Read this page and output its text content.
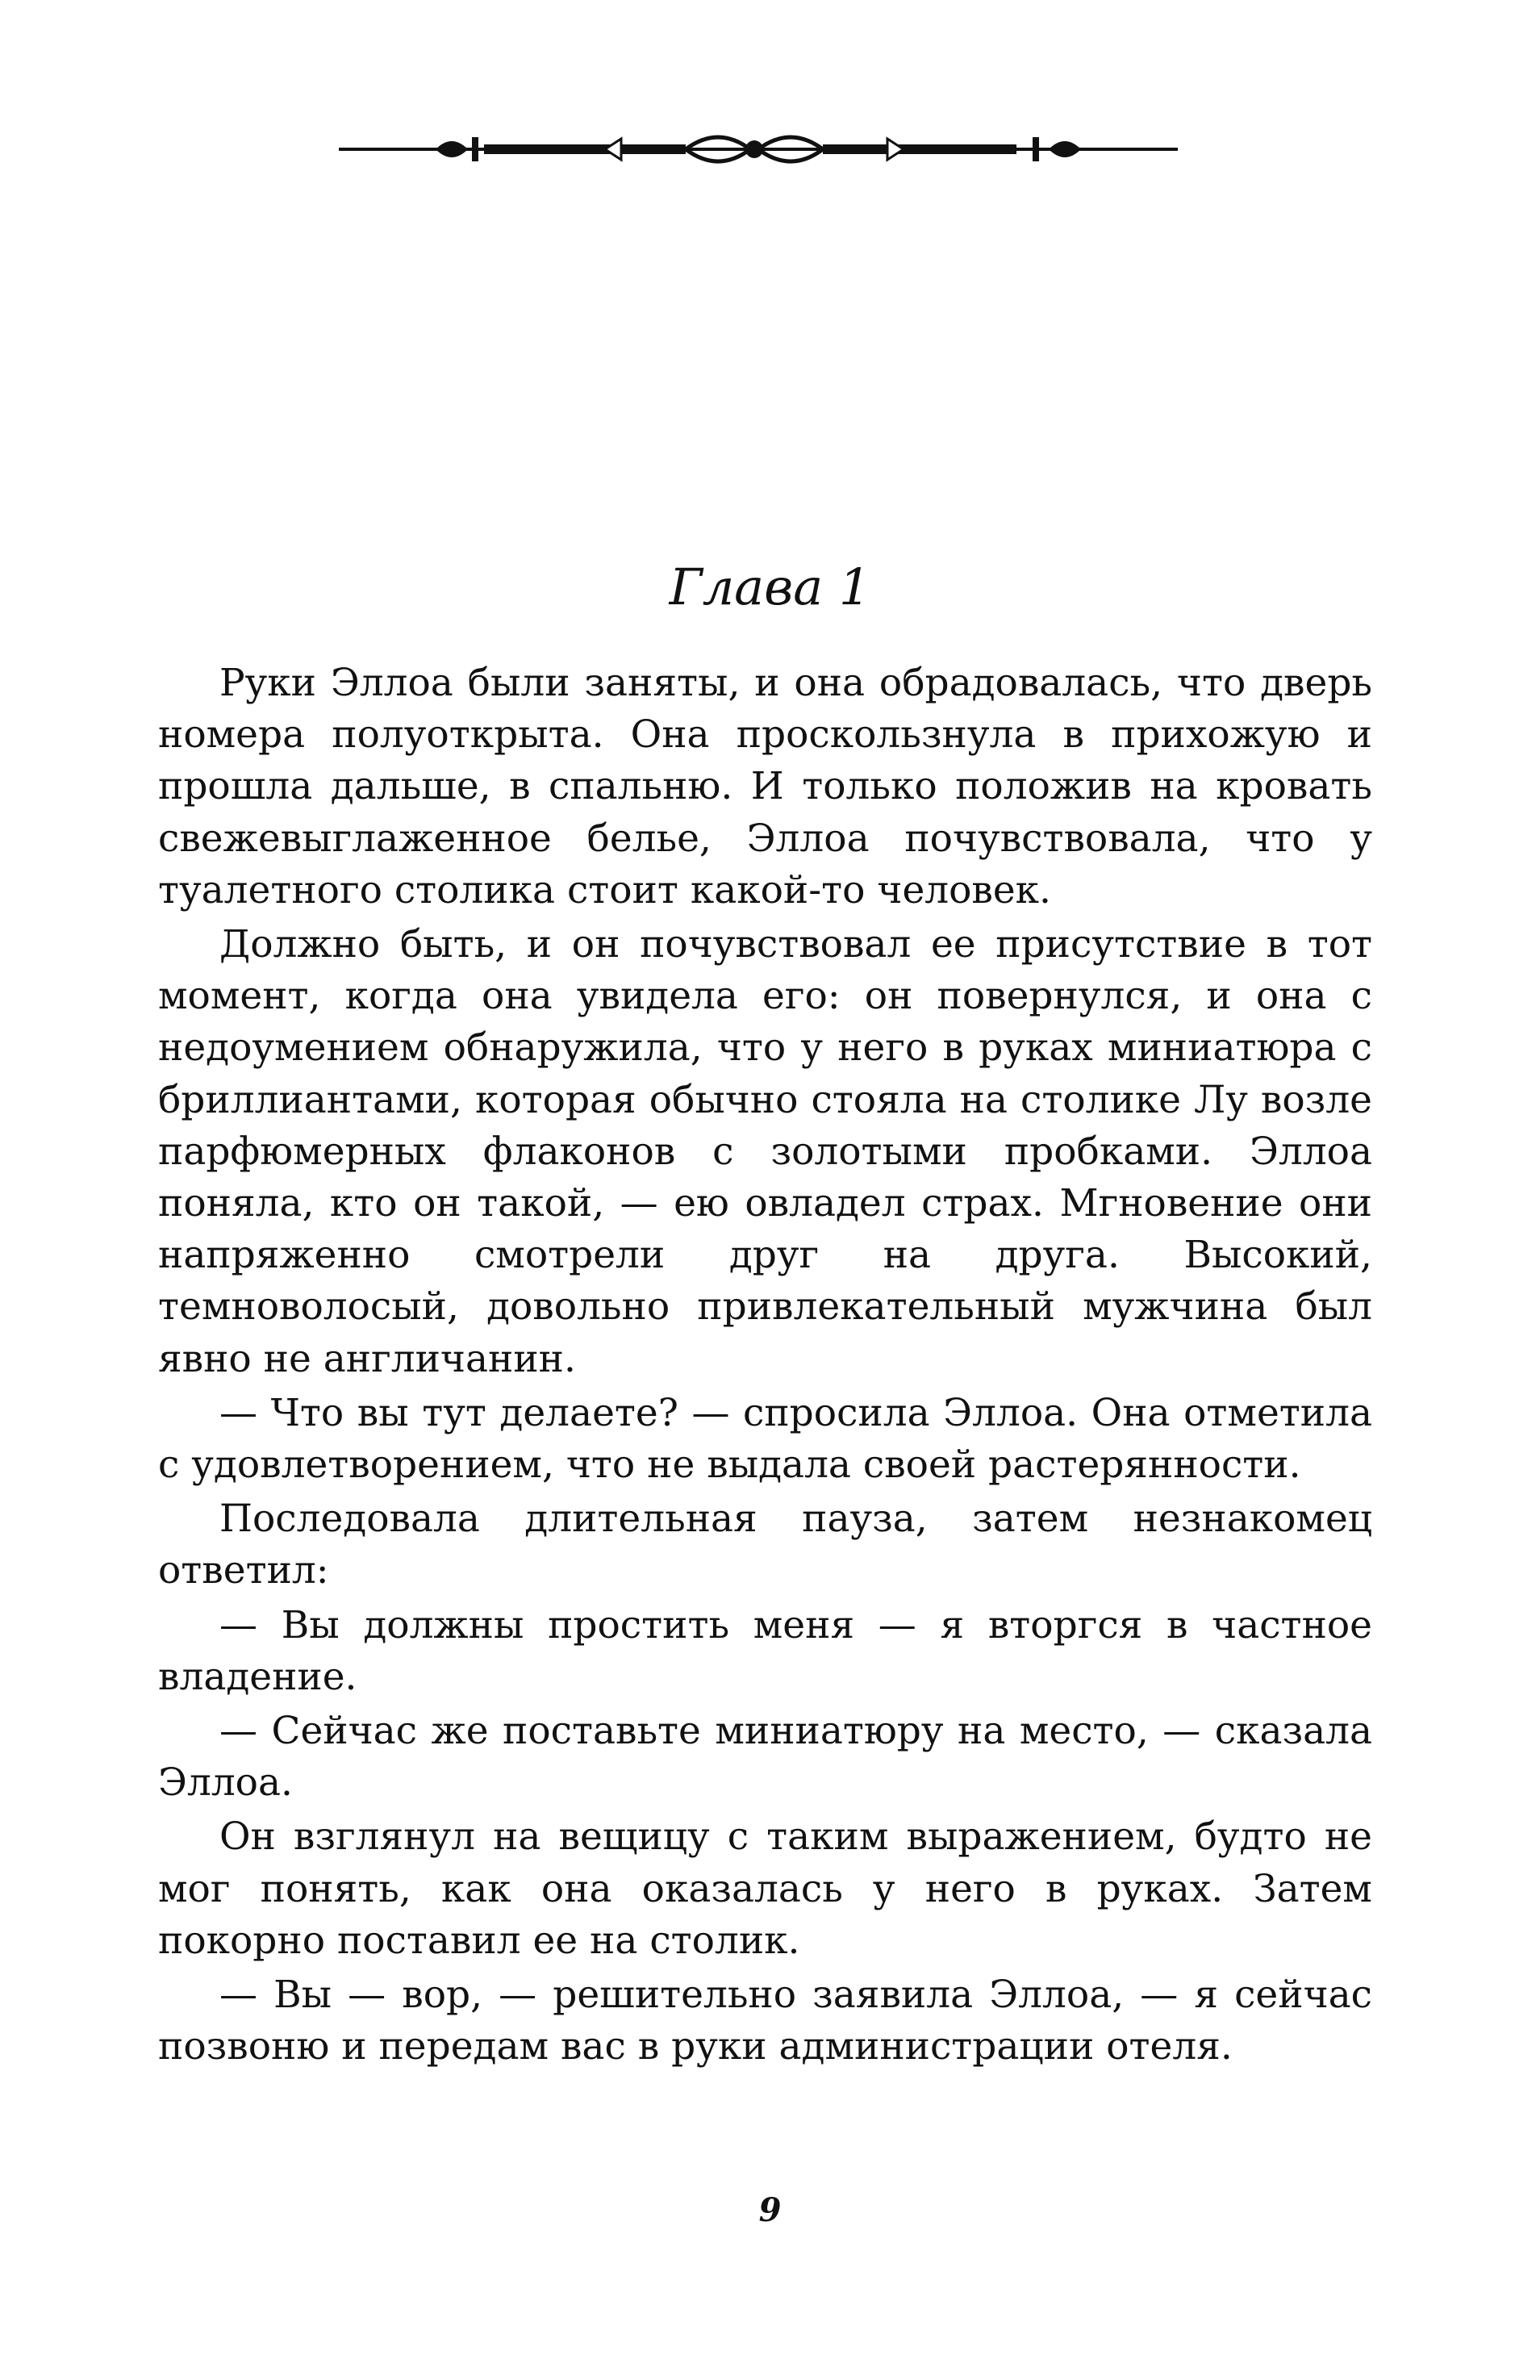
Глава 1

Руки Эллоа были заняты, и она обрадовалась, что дверь номера полуоткрыта. Она проскользнула в прихожую и прошла дальше, в спальню. И только положив на кровать свежевыглаженное белье, Эллоа почувствовала, что у туалетного столика стоит какой-то человек.

Должно быть, и он почувствовал ее присутствие в тот момент, когда она увидела его: он повернулся, и она с недоумением обнаружила, что у него в руках миниатюра с бриллиантами, которая обычно стояла на столике Лу возле парфюмерных флаконов с золотыми пробками. Эллоа поняла, кто он такой, — ею овладел страх. Мгновение они напряженно смотрели друг на друга. Высокий, темноволосый, довольно привлекательный мужчина был явно не англичанин.

— Что вы тут делаете? — спросила Эллоа. Она отметила с удовлетворением, что не выдала своей растерянности.

Последовала длительная пауза, затем незнакомец ответил:

— Вы должны простить меня — я вторгся в частное владение.

— Сейчас же поставьте миниатюру на место, — сказала Эллоа.

Он взглянул на вещицу с таким выражением, будто не мог понять, как она оказалась у него в руках. Затем покорно поставил ее на столик.

— Вы — вор, — решительно заявила Эллоа, — я сейчас позвоню и передам вас в руки администрации отеля.

9
